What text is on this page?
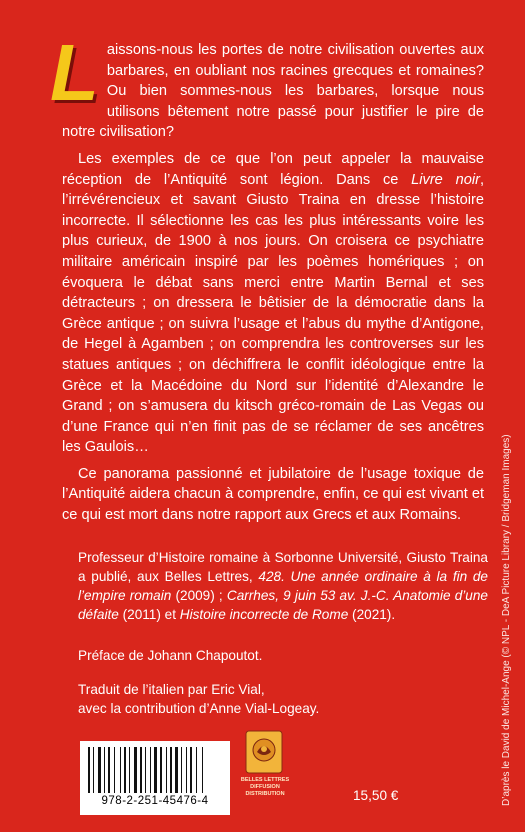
Laissons-nous les portes de notre civilisation ouvertes aux barbares, en oubliant nos racines grecques et romaines? Ou bien sommes-nous les barbares, lorsque nous utilisons bêtement notre passé pour justifier le pire de notre civilisation?

Les exemples de ce que l’on peut appeler la mauvaise réception de l’Antiquité sont légion. Dans ce Livre noir, l’irrévérencieux et savant Giusto Traina en dresse l’histoire incorrecte. Il sélectionne les cas les plus intéressants voire les plus curieux, de 1900 à nos jours. On croisera ce psychiatre militaire américain inspiré par les poèmes homériques ; on évoquera le débat sans merci entre Martin Bernal et ses détracteurs ; on dressera le bêtisier de la démocratie dans la Grèce antique ; on suivra l’usage et l’abus du mythe d’Antigone, de Hegel à Agamben ; on comprendra les controverses sur les statues antiques ; on déchiffrera le conflit idéologique entre la Grèce et la Macédoine du Nord sur l’identité d’Alexandre le Grand ; on s’amusera du kitsch gréco-romain de Las Vegas ou d’une France qui n’en finit pas de se réclamer de ses ancêtres les Gaulois…

Ce panorama passionné et jubilatoire de l’usage toxique de l’Antiquité aidera chacun à comprendre, enfin, ce qui est vivant et ce qui est mort dans notre rapport aux Grecs et aux Romains.

Professeur d’Histoire romaine à Sorbonne Université, Giusto Traina a publié, aux Belles Lettres, 428. Une année ordinaire à la fin de l’empire romain (2009) ; Carrhes, 9 juin 53 av. J.-C. Anatomie d’une défaite (2011) et Histoire incorrecte de Rome (2021).

Préface de Johann Chapoutot.

Traduit de l’italien par Eric Vial,

avec la contribution d’Anne Vial-Logeay.	D’après le David de Michel-Ange (© NPL - DeA Picture Library / Bridgeman Images)
978-2-251-45476-4
BELLES LETTRES DIFFUSION DISTRIBUTION	15,50 €
